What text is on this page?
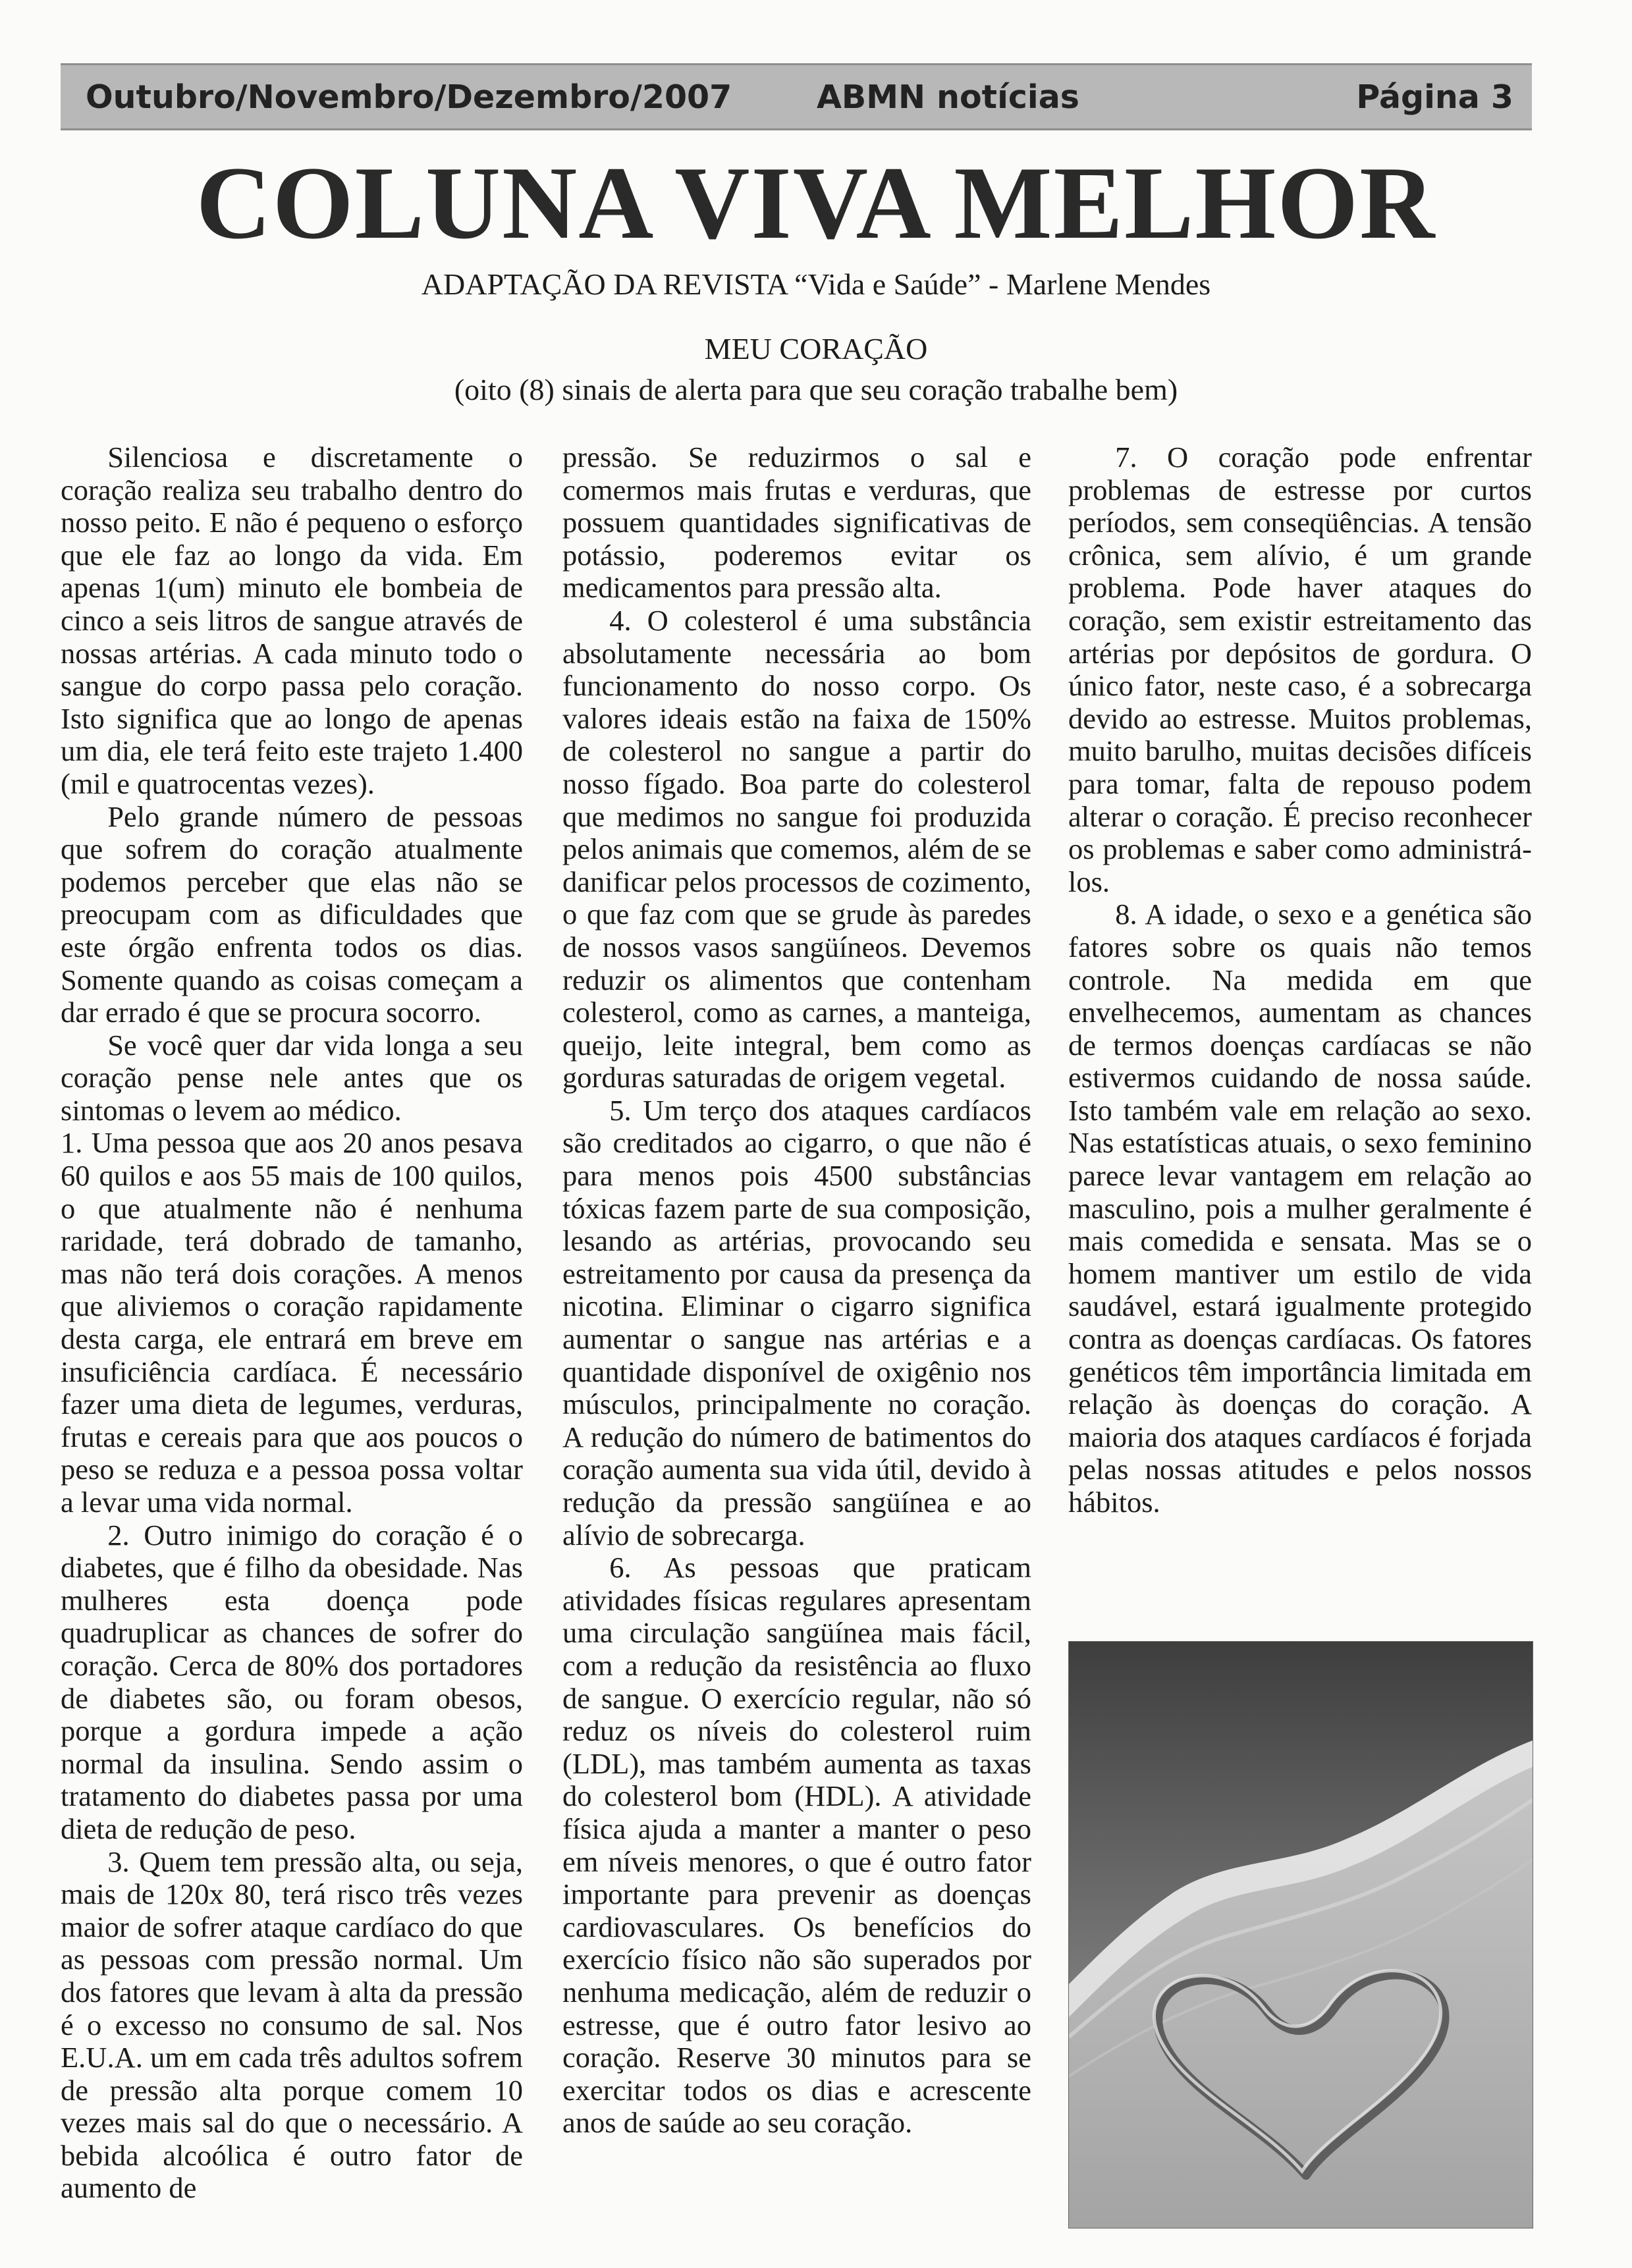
Outubro/Novembro/Dezembro/2007	ABMN notícias	Página 3
COLUNA VIVA MELHOR
ADAPTAÇÃO DA REVISTA “Vida e Saúde” - Marlene Mendes
MEU CORAÇÃO
(oito (8) sinais de alerta para que seu coração trabalhe bem)

Silenciosa e discretamente o coração realiza seu trabalho dentro do nosso peito. E não é pequeno o esforço que ele faz ao longo da vida. Em apenas 1(um) minuto ele bombeia de cinco a seis litros de sangue através de nossas artérias. A cada minuto todo o sangue do corpo passa pelo coração. Isto significa que ao longo de apenas um dia, ele terá feito este trajeto 1.400 (mil e quatrocentas vezes).

Pelo grande número de pessoas que sofrem do coração atualmente podemos perceber que elas não se preocupam com as dificuldades que este órgão enfrenta todos os dias. Somente quando as coisas começam a dar errado é que se procura socorro.

Se você quer dar vida longa a seu coração pense nele antes que os sintomas o levem ao médico.

1. Uma pessoa que aos 20 anos pesava 60 quilos e aos 55 mais de 100 quilos, o que atualmente não é nenhuma raridade, terá dobrado de tamanho, mas não terá dois corações. A menos que aliviemos o coração rapidamente desta carga, ele entrará em breve em insuficiência cardíaca. É necessário fazer uma dieta de legumes, verduras, frutas e cereais para que aos poucos o peso se reduza e a pessoa possa voltar a levar uma vida normal.

2. Outro inimigo do coração é o diabetes, que é filho da obesidade. Nas mulheres esta doença pode quadruplicar as chances de sofrer do coração. Cerca de 80% dos portadores de diabetes são, ou foram obesos, porque a gordura impede a ação normal da insulina. Sendo assim o tratamento do diabetes passa por uma dieta de redução de peso.

3. Quem tem pressão alta, ou seja, mais de 120x 80, terá risco três vezes maior de sofrer ataque cardíaco do que as pessoas com pressão normal. Um dos fatores que levam à alta da pressão é o excesso no consumo de sal. Nos E.U.A. um em cada três adultos sofrem de pressão alta porque comem 10 vezes mais sal do que o necessário. A bebida alcoólica é outro fator de aumento de

pressão. Se reduzirmos o sal e comermos mais frutas e verduras, que possuem quantidades significativas de potássio, poderemos evitar os medicamentos para pressão alta.

4. O colesterol é uma substância absolutamente necessária ao bom funcionamento do nosso corpo. Os valores ideais estão na faixa de 150% de colesterol no sangue a partir do nosso fígado. Boa parte do colesterol que medimos no sangue foi produzida pelos animais que comemos, além de se danificar pelos processos de cozimento, o que faz com que se grude às paredes de nossos vasos sangüíneos. Devemos reduzir os alimentos que contenham colesterol, como as carnes, a manteiga, queijo, leite integral, bem como as gorduras saturadas de origem vegetal.

5. Um terço dos ataques cardíacos são creditados ao cigarro, o que não é para menos pois 4500 substâncias tóxicas fazem parte de sua composição, lesando as artérias, provocando seu estreitamento por causa da presença da nicotina. Eliminar o cigarro significa aumentar o sangue nas artérias e a quantidade disponível de oxigênio nos músculos, principalmente no coração. A redução do número de batimentos do coração aumenta sua vida útil, devido à redução da pressão sangüínea e ao alívio de sobrecarga.

6. As pessoas que praticam atividades físicas regulares apresentam uma circulação sangüínea mais fácil, com a redução da resistência ao fluxo de sangue. O exercício regular, não só reduz os níveis do colesterol ruim (LDL), mas também aumenta as taxas do colesterol bom (HDL). A atividade física ajuda a manter a manter o peso em níveis menores, o que é outro fator importante para prevenir as doenças cardiovasculares. Os benefícios do exercício físico não são superados por nenhuma medicação, além de reduzir o estresse, que é outro fator lesivo ao coração. Reserve 30 minutos para se exercitar todos os dias e acrescente anos de saúde ao seu coração.

7. O coração pode enfrentar problemas de estresse por curtos períodos, sem conseqüências. A tensão crônica, sem alívio, é um grande problema. Pode haver ataques do coração, sem existir estreitamento das artérias por depósitos de gordura. O único fator, neste caso, é a sobrecarga devido ao estresse. Muitos problemas, muito barulho, muitas decisões difíceis para tomar, falta de repouso podem alterar o coração. É preciso reconhecer os problemas e saber como administrá-los.

8. A idade, o sexo e a genética são fatores sobre os quais não temos controle. Na medida em que envelhecemos, aumentam as chances de termos doenças cardíacas se não estivermos cuidando de nossa saúde. Isto também vale em relação ao sexo. Nas estatísticas atuais, o sexo feminino parece levar vantagem em relação ao masculino, pois a mulher geralmente é mais comedida e sensata. Mas se o homem mantiver um estilo de vida saudável, estará igualmente protegido contra as doenças cardíacas. Os fatores genéticos têm importância limitada em relação às doenças do coração. A maioria dos ataques cardíacos é forjada pelas nossas atitudes e pelos nossos hábitos.
